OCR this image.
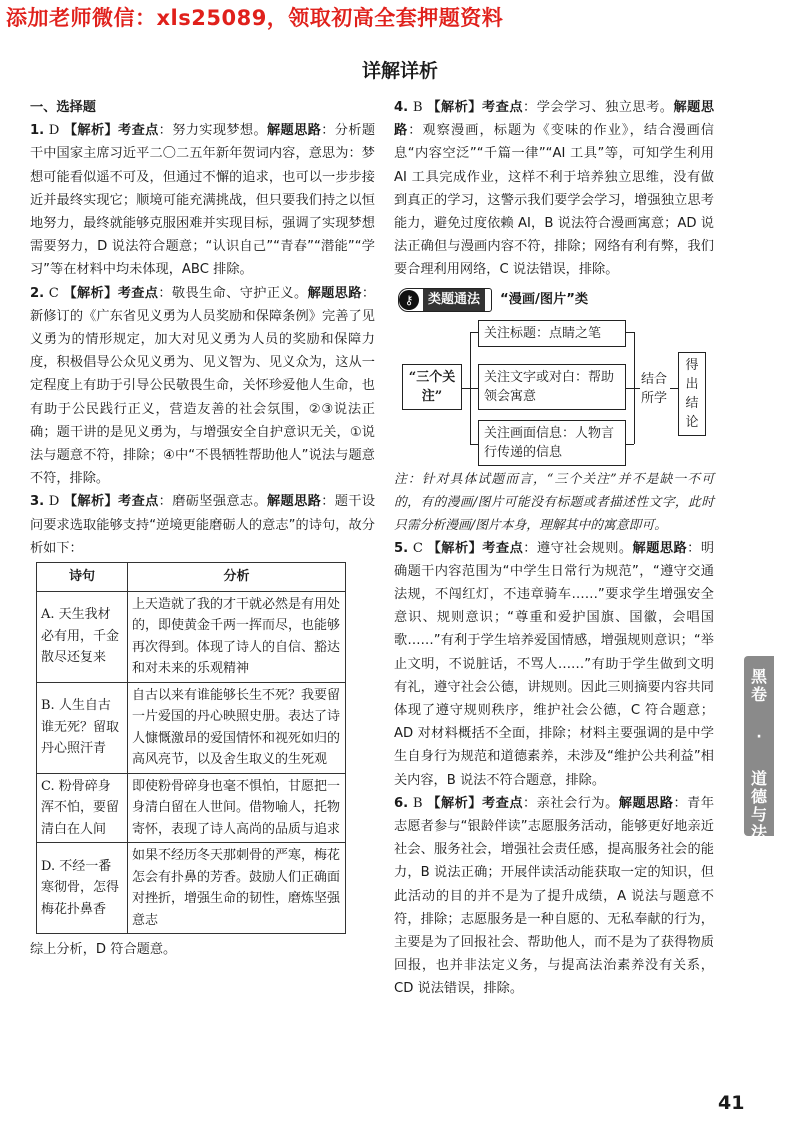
添加老师微信：xls25089，领取初高全套押题资料
详解详析
一、选择题

1. D 【解析】考查点：努力实现梦想。解题思路：分析题干中国家主席习近平二〇二五年新年贺词内容，意思为：梦想可能看似遥不可及，但通过不懈的追求，也可以一步步接近并最终实现它；顺境可能充满挑战，但只要我们持之以恒地努力，最终就能够克服困难并实现目标，强调了实现梦想需要努力，D 说法符合题意；“认识自己”“青春”“潜能”“学习”等在材料中均未体现，ABC 排除。

2. C 【解析】考查点：敬畏生命、守护正义。解题思路：新修订的《广东省见义勇为人员奖励和保障条例》完善了见义勇为的情形规定，加大对见义勇为人员的奖励和保障力度，积极倡导公众见义勇为、见义智为、见义众为，这从一定程度上有助于引导公民敬畏生命，关怀珍爱他人生命，也有助于公民践行正义，营造友善的社会氛围，②③说法正确；题干讲的是见义勇为，与增强安全自护意识无关，①说法与题意不符，排除；④中“不畏牺牲帮助他人”说法与题意不符，排除。

3. D 【解析】考查点：磨砺坚强意志。解题思路：题干设问要求选取能够支持“逆境更能磨砺人的意志”的诗句，故分析如下：

诗句	分析
A. 天生我材必有用，千金散尽还复来	上天造就了我的才干就必然是有用处的，即使黄金千两一挥而尽，也能够再次得到。体现了诗人的自信、豁达和对未来的乐观精神
B. 人生自古谁无死？留取丹心照汗青	自古以来有谁能够长生不死？我要留一片爱国的丹心映照史册。表达了诗人慷慨激昂的爱国情怀和视死如归的高风亮节，以及舍生取义的生死观
C. 粉骨碎身浑不怕，要留清白在人间	即使粉骨碎身也毫不惧怕，甘愿把一身清白留在人世间。借物喻人，托物寄怀，表现了诗人高尚的品质与追求
D. 不经一番寒彻骨，怎得梅花扑鼻香	如果不经历冬天那刺骨的严寒，梅花怎会有扑鼻的芳香。鼓励人们正确面对挫折，增强生命的韧性，磨炼坚强意志
综上分析，D 符合题意。

4. B 【解析】考查点：学会学习、独立思考。解题思路：观察漫画，标题为《变味的作业》，结合漫画信息“内容空泛”“千篇一律”“AI 工具”等，可知学生利用 AI 工具完成作业，这样不利于培养独立思维，没有做到真正的学习，这警示我们要学会学习，增强独立思考能力，避免过度依赖 AI，B 说法符合漫画寓意；AD 说法正确但与漫画内容不符，排除；网络有利有弊，我们要合理利用网络，C 说法错误，排除。

⚷	类题通法	“漫画/图片”类
“三个关注”
关注标题：点睛之笔
关注文字或对白：帮助领会寓意
关注画面信息：人物言行传递的信息
结合所学
得出结论
注：针对具体试题而言，“三个关注”并不是缺一不可的，有的漫画/图片可能没有标题或者描述性文字，此时只需分析漫画/图片本身，理解其中的寓意即可。

5. C 【解析】考查点：遵守社会规则。解题思路：明确题干内容范围为“中学生日常行为规范”，“遵守交通法规，不闯红灯，不违章骑车……”要求学生增强安全意识、规则意识；“尊重和爱护国旗、国徽，会唱国歌……”有利于学生培养爱国情感，增强规则意识；“举止文明，不说脏话，不骂人……”有助于学生做到文明有礼，遵守社会公德，讲规则。因此三则摘要内容共同体现了遵守规则秩序，维护社会公德，C 符合题意；AD 对材料概括不全面，排除；材料主要强调的是中学生自身行为规范和道德素养，未涉及“维护公共利益”相关内容，B 说法不符合题意，排除。

6. B 【解析】考查点：亲社会行为。解题思路：青年志愿者参与“银龄伴读”志愿服务活动，能够更好地亲近社会、服务社会，增强社会责任感，提高服务社会的能力，B 说法正确；开展伴读活动能获取一定的知识，但此活动的目的并不是为了提升成绩，A 说法与题意不符，排除；志愿服务是一种自愿的、无私奉献的行为，主要是为了回报社会、帮助他人，而不是为了获得物质回报，也并非法定义务，与提高法治素养没有关系，CD 说法错误，排除。

黑卷

·

道德与法治
41
